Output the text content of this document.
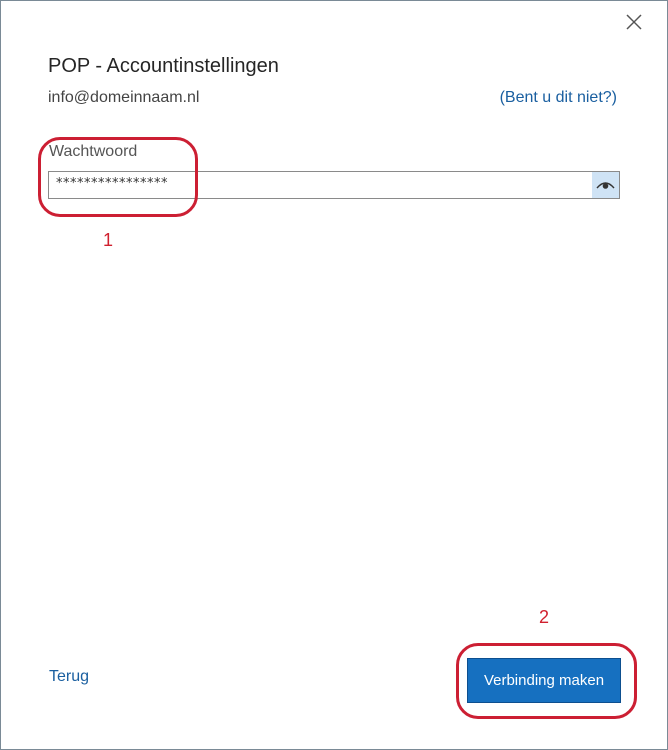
POP - Accountinstellingen
info@domeinnaam.nl	(Bent u dit niet?)
Wachtwoord
****************
1
Terug
2
Verbinding maken
